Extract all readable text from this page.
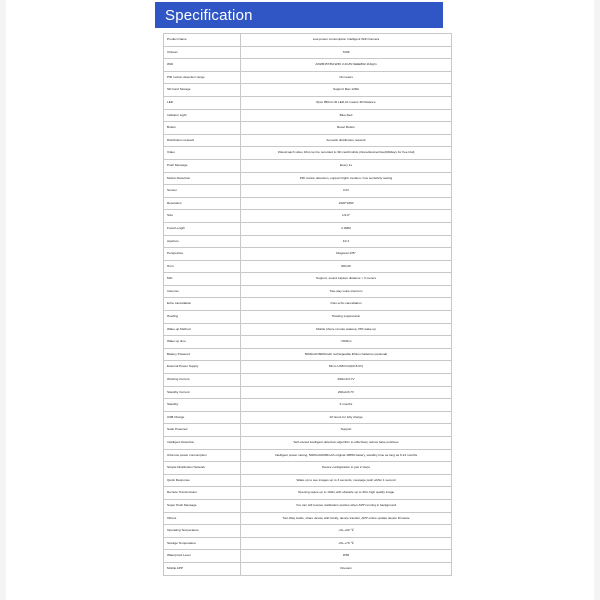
Specification
Product Name	Low-power consumption Intelligent WiFi Camera
Chipset	T20Z
WiFi	AIWIB1573M-WIFI 2.4GHz IEEE802.11b/g/n
PIR motion detection range	10 meters
SD Card Storage	Support Max 128G
LED	8pcs 850nm IR LED,10 meters IR Distance
Indicator Light	Blue,Red
Button	Reset Button
Distribution network	Acoustic distribution network
Video	Video/coach video 10s) can be recorded to SD card/mobile phone/device/cloud(30days for free trial)
Push Message	Every 1s
Motion Detection	PIR motion detection, support hight/ medium / low sensitivity setting
Sensor	F23
Resolution	1920*1080
Size	1/2.9"
Focal Length	2.0MM
Aperture	F2.4
Perspective	Diagonal 135°
Horn	8Ω/1W
MIC	Support, sound capture distance > 3 meters
Intercom	Two-way voice intercom
Echo cancellation	Own echo cancellation
Howling	Howling suppression
Wake-up Method	Mobile phone remote wakeup, PIR wake up
Wake up time	<500ms
Battery Powered	5000mAh/6000mAh rechargeable lithium batteries (optional)
External Power Supply	Micro USB Port(DC5.0V)
Working Current	260mA/3.7V
Standby Current	200uA/3.7V
Standby	6 months
USB Charge	10 hours for fully charge
Solar Powered	Support
Intelligent Detection	Self-owned intelligent detection algorithm to effectively reduce false positives
Ultra low power consumption	Intelligent power saving, 5000mA/6000mAh original 18650 battery, standby time as long as 6-12 months
Simple Distribution Network	Device configuration in just 2 steps
Quick Response	Wake up to see images up to 3 seconds, message push within 1 second
Remote Transmission	Opening space up to 100m,with obstacle up to 30m high quality image
Super Push Message	You can still receive notification pushes when APP running in background
Others	Two-Way Audio, share device with family, device transfer, APP online update device firmware
Operating Temperature	-10~+60 ℃
Storage Temperature	-20~+70 ℃
Waterproof Level	IP66
Mobile APP	Onecam
